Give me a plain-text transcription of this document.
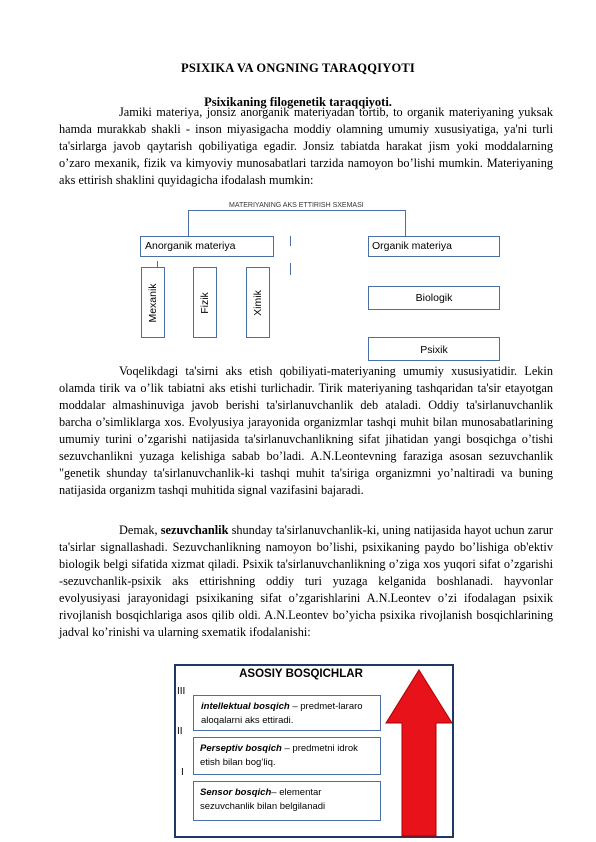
PSIXIKA VA ONGNING TARAQQIYOTI
Psixikaning filogenetik taraqqiyoti.

Jamiki materiya, jonsiz anorganik materiyadan tortib, to organik materiyaning yuksak hamda murakkab shakli - inson miyasigacha moddiy olamning umumiy xususiyatiga, ya'ni turli ta'sirlarga javob qaytarish qobiliyatiga egadir. Jonsiz tabiatda harakat jism yoki moddalarning o’zaro mexanik, fizik va kimyoviy munosabatlari tarzida namoyon bo’lishi mumkin. Materiyaning aks ettirish shaklini quyidagicha ifodalash mumkin:

MATERIYANING AKS ETTIRISH SXEMASI
Anorganik materiya	Organik materiya
Mexanik	Fizik	Ximik	Biologik
Psixik

Voqelikdagi ta'sirni aks etish qobiliyati-materiyaning umumiy xususiyatidir. Lekin olamda tirik va o’lik tabiatni aks etishi turlichadir. Tirik materiyaning tashqaridan ta'sir etayotgan moddalar almashinuviga javob berishi ta'sirlanuvchanlik deb ataladi. Oddiy ta'sirlanuvchanlik barcha o’simliklarga xos. Evolyusiya jarayonida organizmlar tashqi muhit bilan munosabatlarining umumiy turini o’zgarishi natijasida ta'sirlanuvchanlikning sifat jihatidan yangi bosqichga o’tishi sezuvchanlikni yuzaga kelishiga sabab bo’ladi. A.N.Leontevning faraziga asosan sezuvchanlik "genetik shunday ta'sirlanuvchanlik-ki tashqi muhit ta'siriga organizmni yo’naltiradi va buning natijasida organizm tashqi muhitida signal vazifasini bajaradi.

Demak, sezuvchanlik shunday ta'sirlanuvchanlik-ki, uning natijasida hayot uchun zarur ta'sirlar signallashadi. Sezuvchanlikning namoyon bo’lishi, psixikaning paydo bo’lishiga ob'ektiv biologik belgi sifatida xizmat qiladi. Psixik ta'sirlanuvchanlikning o’ziga xos yuqori sifat o’zgarishi -sezuvchanlik-psixik aks ettirishning oddiy turi yuzaga kelganida boshlanadi. hayvonlar evolyusiyasi jarayonidagi psixikaning sifat o’zgarishlarini A.N.Leontev o’zi ifodalagan psixik rivojlanish bosqichlariga asos qilib oldi. A.N.Leontev bo’yicha psixika rivojlanish bosqichlarining jadval ko’rinishi va ularning sxematik ifodalanishi:

ASOSIY BOSQICHLAR
III
II
I
intellektual bosqich – predmet-lararo aloqalarni aks ettiradi.
Perseptiv bosqich – predmetni idrok etish bilan bog’liq.
Sensor bosqich– elementar sezuvchanlik bilan belgilanadi
